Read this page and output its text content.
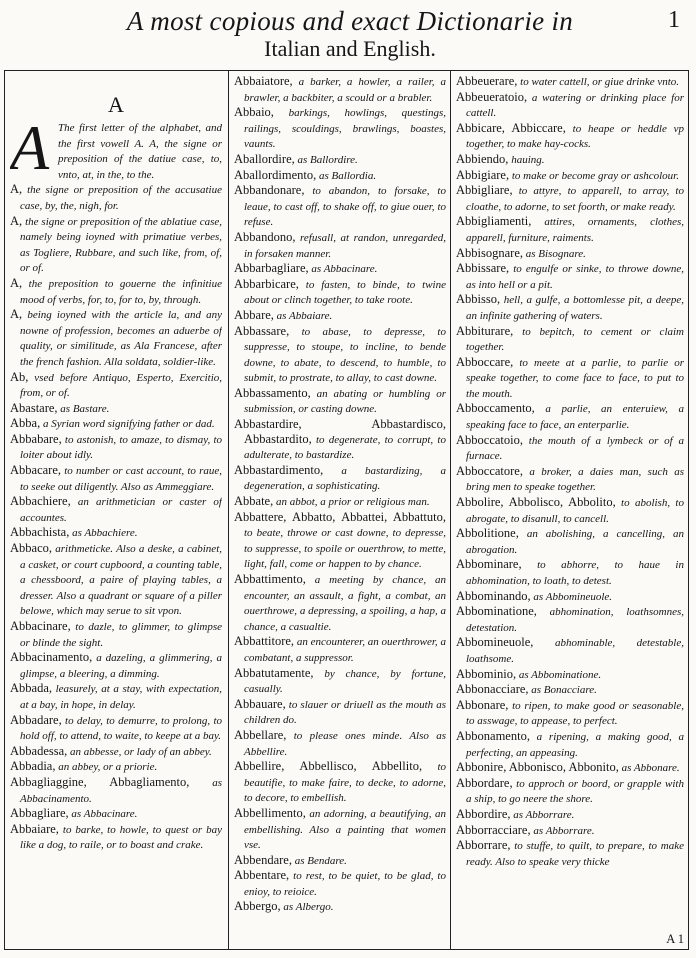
A most copious and exact Dictionarie in
Italian and English.
1
A

A The first letter of the alphabet, and the first vowell A. A, the signe or preposition of the datiue case, to, vnto, at, in the, to the.

A, the signe or preposition of the accusatiue case, by, the, nigh, for.

A, the signe or preposition of the ablatiue case, namely being ioyned with primatiue verbes, as Togliere, Rubbare, and such like, from, of, or of.

A, the preposition to gouerne the infinitiue mood of verbs, for, to, for to, by, through.

A, being ioyned with the article la, and any nowne of profession, becomes an aduerbe of quality, or similitude, as Ala Francese, after the french fashion. Alla soldata, soldier-like.

Ab, vsed before Antiquo, Esperto, Exercitio, from, or of.

Abastare, as Bastare.

Abba, a Syrian word signifying father or dad.

Abbabare, to astonish, to amaze, to dismay, to loiter about idly.

Abbacare, to number or cast account, to raue, to seeke out diligently. Also as Ammeggiare.

Abbachiere, an arithmetician or caster of accountes.

Abbachista, as Abbachiere.

Abbaco, arithmeticke. Also a deske, a cabinet, a casket, or court cupboord, a counting table, a chessboord, a paire of playing tables, a dresser. Also a quadrant or square of a piller belowe, which may serue to sit vpon.

Abbacinare, to dazle, to glimmer, to glimpse or blinde the sight.

Abbacinamento, a dazeling, a glimmering, a glimpse, a bleering, a dimming.

Abbada, leasurely, at a stay, with expectation, at a bay, in hope, in delay.

Abbadare, to delay, to demurre, to prolong, to hold off, to attend, to waite, to keepe at a bay.

Abbadessa, an abbesse, or lady of an abbey.

Abbadia, an abbey, or a priorie.

Abbagliaggine, Abbagliamento, as Abbacinamento.

Abbagliare, as Abbacinare.

Abbaiare, to barke, to howle, to quest or bay like a dog, to raile, or to boast and crake.

Abbaiatore, a barker, a howler, a railer, a brawler, a backbiter, a scould or a brabler.

Abbaio, barkings, howlings, questings, railings, scouldings, brawlings, boastes, vaunts.

Aballordire, as Ballordire.

Aballordimento, as Ballordia.

Abbandonare, to abandon, to forsake, to leaue, to cast off, to shake off, to giue ouer, to refuse.

Abbandono, refusall, at randon, unregarded, in forsaken manner.

Abbarbagliare, as Abbacinare.

Abbarbicare, to fasten, to binde, to twine about or clinch together, to take roote.

Abbare, as Abbaiare.

Abbassare, to abase, to depresse, to suppresse, to stoupe, to incline, to bende downe, to abate, to descend, to humble, to submit, to prostrate, to allay, to cast downe.

Abbassamento, an abating or humbling or submission, or casting downe.

Abbastardire, Abbastardisco, Abbastardito, to degenerate, to corrupt, to adulterate, to bastardize.

Abbastardimento, a bastardizing, a degeneration, a sophisticating.

Abbate, an abbot, a prior or religious man.

Abbattere, Abbatto, Abbattei, Abbattuto, to beate, throwe or cast downe, to depresse, to suppresse, to spoile or ouerthrow, to mette, light, fall, come or happen to by chance.

Abbattimento, a meeting by chance, an encounter, an assault, a fight, a combat, an ouerthrowe, a depressing, a spoiling, a hap, a chance, a casualtie.

Abbattitore, an encounterer, an ouerthrower, a combatant, a suppressor.

Abbatutamente, by chance, by fortune, casually.

Abbauare, to slauer or driuell as the mouth as children do.

Abbellare, to please ones minde. Also as Abbellire.

Abbellire, Abbellisco, Abbellito, to beautifie, to make faire, to decke, to adorne, to decore, to embellish.

Abbellimento, an adorning, a beautifying, an embellishing. Also a painting that women vse.

Abbendare, as Bendare.

Abbentare, to rest, to be quiet, to be glad, to enioy, to reioice.

Abbergo, as Albergo.

Abbeuerare, to water cattell, or giue drinke vnto.

Abbeueratoio, a watering or drinking place for cattell.

Abbicare, Abbiccare, to heape or heddle vp together, to make hay-cocks.

Abbiendo, hauing.

Abbigiare, to make or become gray or ashcolour.

Abbigliare, to attyre, to apparell, to array, to cloathe, to adorne, to set foorth, or make ready.

Abbigliamenti, attires, ornaments, clothes, apparell, furniture, raiments.

Abbisognare, as Bisognare.

Abbissare, to engulfe or sinke, to throwe downe, as into hell or a pit.

Abbisso, hell, a gulfe, a bottomlesse pit, a deepe, an infinite gathering of waters.

Abbiturare, to bepitch, to cement or claim together.

Abboccare, to meete at a parlie, to parlie or speake together, to come face to face, to put to the mouth.

Abboccamento, a parlie, an enteruiew, a speaking face to face, an enterparlie.

Abboccatoio, the mouth of a lymbeck or of a furnace.

Abboccatore, a broker, a daies man, such as bring men to speake together.

Abbolire, Abbolisco, Abbolito, to abolish, to abrogate, to disanull, to cancell.

Abbolitione, an abolishing, a cancelling, an abrogation.

Abbominare, to abhorre, to haue in abhomination, to loath, to detest.

Abbominando, as Abbomineuole.

Abbominatione, abhomination, loathsomnes, detestation.

Abbomineuole, abhominable, detestable, loathsome.

Abbominio, as Abbominatione.

Abbonacciare, as Bonacciare.

Abbonare, to ripen, to make good or seasonable, to asswage, to appease, to perfect.

Abbonamento, a ripening, a making good, a perfecting, an appeasing.

Abbonire, Abbonisco, Abbonito, as Abbonare.

Abbordare, to approch or boord, or grapple with a ship, to go neere the shore.

Abbordire, as Abborrare.

Abborracciare, as Abborrare.

Abborrare, to stuffe, to quilt, to prepare, to make ready. Also to speake very thicke

A 1
